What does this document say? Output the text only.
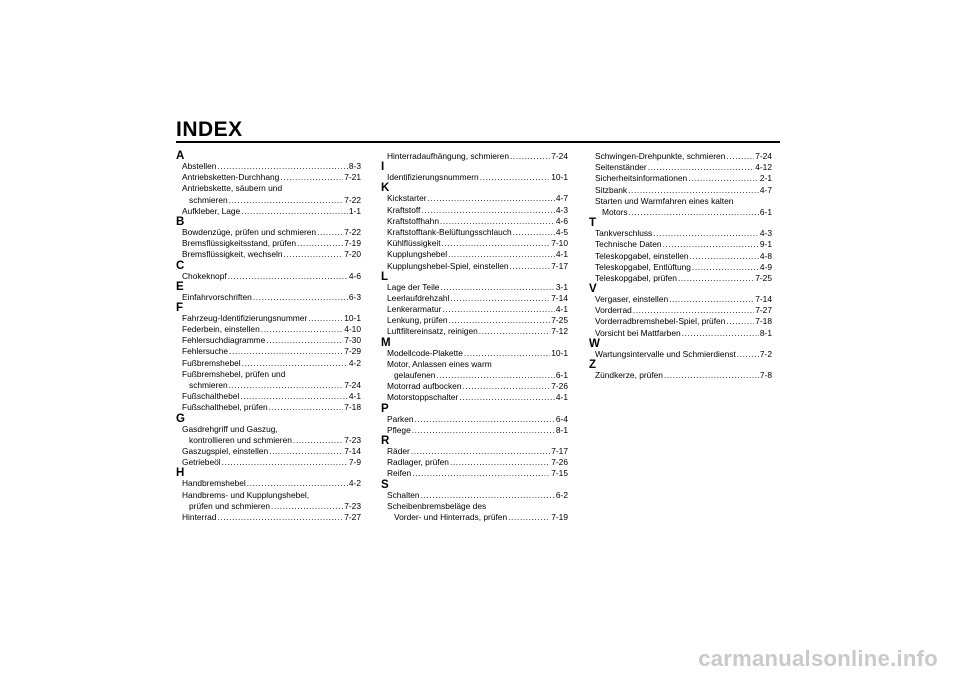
INDEX
A
Abstellen .....	8-3
Antriebsketten-Durchhang .....	7-21
Antriebskette, säubern und
schmieren .....	7-22
Aufkleber, Lage .....	1-1
B
Bowdenzüge, prüfen und schmieren .....	7-22
Bremsflüssigkeitsstand, prüfen .....	7-19
Bremsflüssigkeit, wechseln .....	7-20
C
Chokeknopf .....	4-6
E
Einfahrvorschriften .....	6-3
F
Fahrzeug-Identifizierungsnummer .....	10-1
Federbein, einstellen .....	4-10
Fehlersuchdiagramme .....	7-30
Fehlersuche .....	7-29
Fußbremshebel .....	4-2
Fußbremshebel, prüfen und
schmieren .....	7-24
Fußschalthebel .....	4-1
Fußschalthebel, prüfen .....	7-18
G
Gasdrehgriff und Gaszug,
kontrollieren und schmieren .....	7-23
Gaszugspiel, einstellen .....	7-14
Getriebeöl .....	7-9
H
Handbremshebel .....	4-2
Handbrems- und Kupplungshebel,
prüfen und schmieren .....	7-23
Hinterrad .....	7-27
Hinterradaufhängung, schmieren .....	7-24
I
Identifizierungsnummern .....	10-1
K
Kickstarter .....	4-7
Kraftstoff .....	4-3
Kraftstoffhahn .....	4-6
Kraftstofftank-Belüftungsschlauch .....	4-5
Kühlflüssigkeit .....	7-10
Kupplungshebel .....	4-1
Kupplungshebel-Spiel, einstellen .....	7-17
L
Lage der Teile .....	3-1
Leerlaufdrehzahl .....	7-14
Lenkerarmatur .....	4-1
Lenkung, prüfen .....	7-25
Luftfiltereinsatz, reinigen .....	7-12
M
Modellcode-Plakette .....	10-1
Motor, Anlassen eines warm
gelaufenen .....	6-1
Motorrad aufbocken .....	7-26
Motorstoppschalter .....	4-1
P
Parken .....	6-4
Pflege .....	8-1
R
Räder .....	7-17
Radlager, prüfen .....	7-26
Reifen .....	7-15
S
Schalten .....	6-2
Scheibenbremsbeläge des
Vorder- und Hinterrads, prüfen .....	7-19
Schwingen-Drehpunkte, schmieren .....	7-24
Seitenständer .....	4-12
Sicherheitsinformationen .....	2-1
Sitzbank .....	4-7
Starten und Warmfahren eines kalten
Motors .....	6-1
T
Tankverschluss .....	4-3
Technische Daten .....	9-1
Teleskopgabel, einstellen .....	4-8
Teleskopgabel, Entlüftung .....	4-9
Teleskopgabel, prüfen .....	7-25
V
Vergaser, einstellen .....	7-14
Vorderrad .....	7-27
Vorderradbremshebel-Spiel, prüfen .....	7-18
Vorsicht bei Mattfarben .....	8-1
W
Wartungsintervalle und Schmierdienst .....	7-2
Z
Zündkerze, prüfen .....	7-8
carmanualsonline.info
